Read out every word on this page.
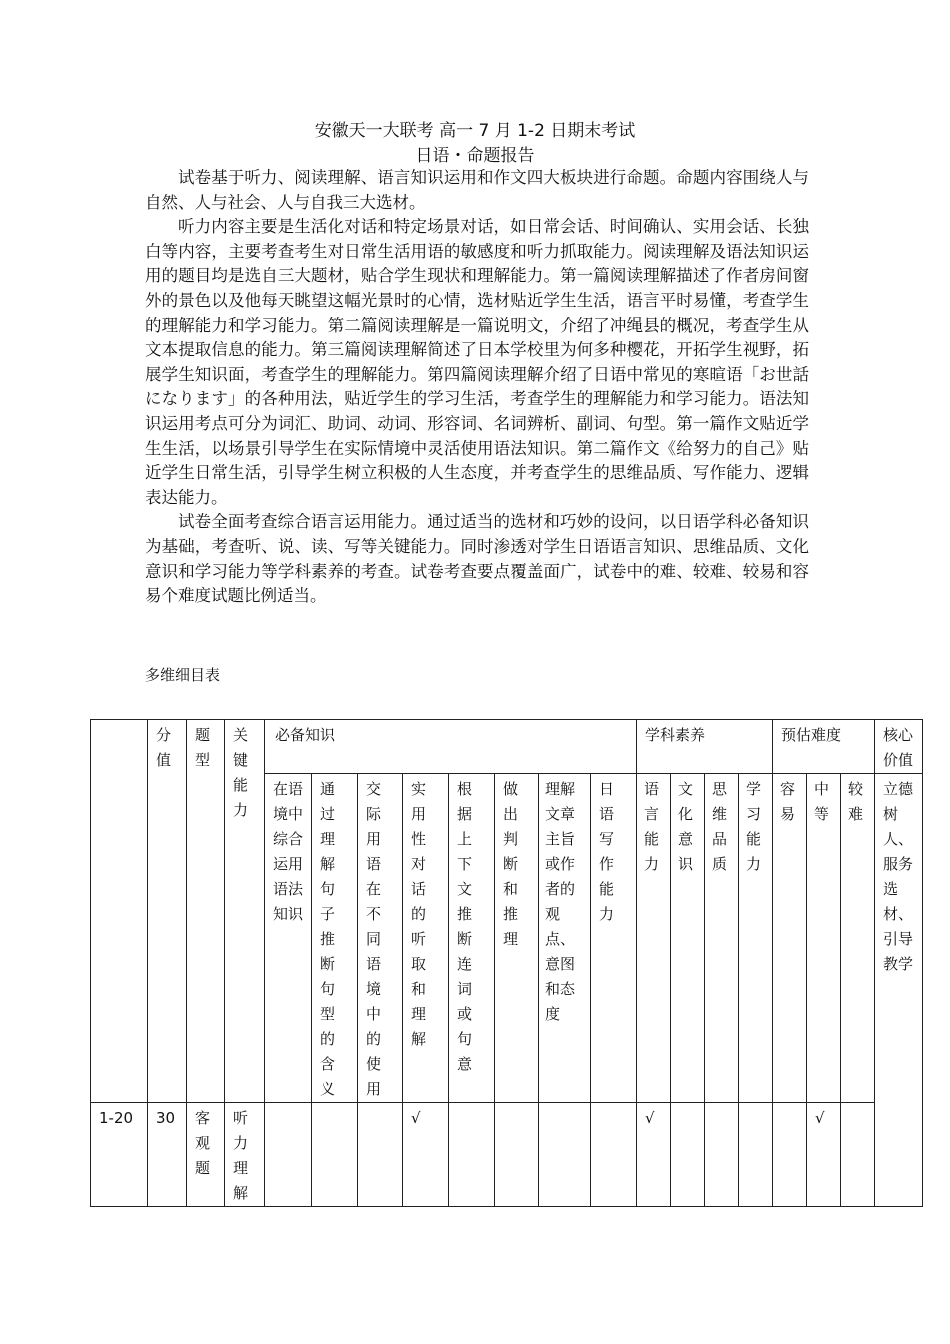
安徽天一大联考 高一 7 月 1-2 日期末考试
日语・命题报告

试卷基于听力、阅读理解、语言知识运用和作文四大板块进行命题。命题内容围绕人与自然、人与社会、人与自我三大选材。

听力内容主要是生活化对话和特定场景对话，如日常会话、时间确认、实用会话、长独白等内容，主要考查考生对日常生活用语的敏感度和听力抓取能力。阅读理解及语法知识运用的题目均是选自三大题材，贴合学生现状和理解能力。第一篇阅读理解描述了作者房间窗外的景色以及他每天眺望这幅光景时的心情，选材贴近学生生活，语言平时易懂，考查学生的理解能力和学习能力。第二篇阅读理解是一篇说明文，介绍了冲绳县的概况，考查学生从文本提取信息的能力。第三篇阅读理解简述了日本学校里为何多种樱花，开拓学生视野，拓展学生知识面，考查学生的理解能力。第四篇阅读理解介绍了日语中常见的寒暄语「お世話になります」的各种用法，贴近学生的学习生活，考查学生的理解能力和学习能力。语法知识运用考点可分为词汇、助词、动词、形容词、名词辨析、副词、句型。第一篇作文贴近学生生活，以场景引导学生在实际情境中灵活使用语法知识。第二篇作文《给努力的自己》贴近学生日常生活，引导学生树立积极的人生态度，并考查学生的思维品质、写作能力、逻辑表达能力。

试卷全面考查综合语言运用能力。通过适当的选材和巧妙的设问，以日语学科必备知识为基础，考查听、说、读、写等关键能力。同时渗透对学生日语语言知识、思维品质、文化意识和学习能力等学科素养的考查。试卷考查要点覆盖面广，试卷中的难、较难、较易和容易个难度试题比例适当。

多维细目表
	分值	题型	关键能力	必备知识								学科素养				预估难度			核心价值
				在语境中综合运用语法知识	通过理解句子推断句型的含义	交际用语在不同语境中的使用	实用性对话的听取和理解	根据上下文推断连词或句意	做出判断和推理	理解文章主旨或作者的观点、意图和态度	日语写作能力	语言能力	文化意识	思维品质	学习能力	容易	中等	较难	立德树人、服务选材、引导教学
1-20	30	客观题	听力理解				√					√					√		
